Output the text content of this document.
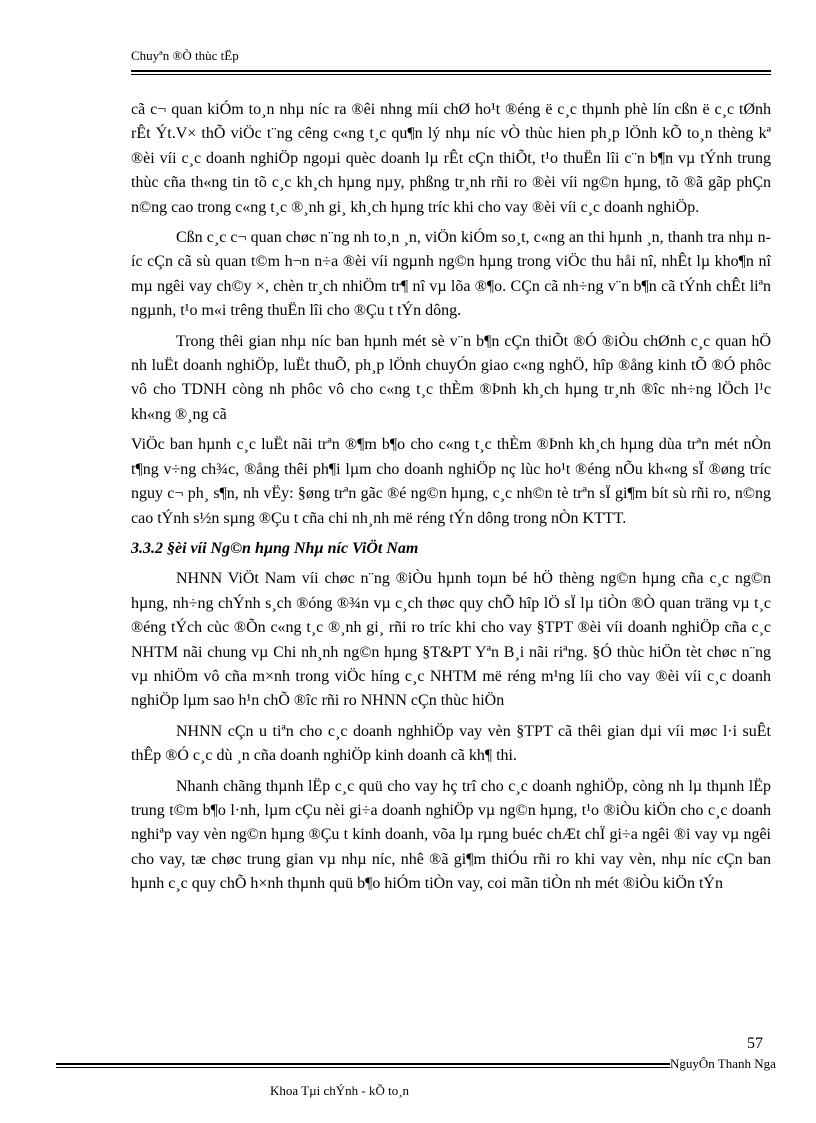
Chuyªn ®Ò thùc tËp

cã c¬ quan kiÓm to¸n nhµ níc ra ®êi nhng míi chØ ho¹t ®éng ë c¸c thµnh phè lín cßn ë c¸c tØnh rÊt Ýt.V× thÕ viÖc t¨ng cêng c«ng t¸c qu¶n lý nhµ níc vÒ thùc hien ph¸p lÖnh kÕ to¸n thèng kª ®èi víi c¸c doanh nghiÖp ngoµi quèc doanh lµ rÊt cÇn thiÕt, t¹o thuËn lîi c¨n b¶n vµ tÝnh trung thùc cña th«ng tin tõ c¸c kh¸ch hµng nµy, phßng tr¸nh rñi ro ®èi víi ng©n hµng, tõ ®ã gãp phÇn n©ng cao trong c«ng t¸c ®¸nh gi¸ kh¸ch hµng tríc khi cho vay ®èi víi c¸c doanh nghiÖp.

Cßn c¸c c¬ quan chøc n¨ng nh to¸n ¸n, viÖn kiÓm so¸t, c«ng an thi hµnh ¸n, thanh tra nhµ níc cÇn cã sù quan t©m h¬n n÷a ®èi víi ngµnh ng©n hµng trong viÖc thu håi nî, nhÊt lµ kho¶n nî mµ ngêi vay ch©y ×, chèn tr¸ch nhiÖm tr¶ nî vµ lõa ®¶o. CÇn cã nh÷ng v¨n b¶n cã tÝnh chÊt liªn ngµnh, t¹o m«i trêng thuËn lîi cho ®Çu t tÝn dông.

Trong thêi gian nhµ níc ban hµnh mét sè v¨n b¶n cÇn thiÕt ®Ó ®iÒu chØnh c¸c quan hÖ nh luËt doanh nghiÖp, luËt thuÕ, ph¸p lÖnh chuyÓn giao c«ng nghÖ, hîp ®ång kinh tÕ ®Ó phôc vô cho TDNH còng nh phôc vô cho c«ng t¸c thÈm ®Þnh kh¸ch hµng tr¸nh ®îc nh÷ng lÖch l¹c kh«ng ®¸ng cã

ViÖc ban hµnh c¸c luËt nãi trªn ®¶m b¶o cho c«ng t¸c thÈm ®Þnh kh¸ch hµng dùa trªn mét nÒn t¶ng v÷ng ch¾c, ®ång thêi ph¶i lµm cho doanh nghiÖp nç lùc ho¹t ®éng nÕu kh«ng sÏ ®øng tríc nguy c¬ ph¸ s¶n, nh vËy: §øng trªn gãc ®é ng©n hµng, c¸c nh©n tè trªn sÏ gi¶m bít sù rñi ro, n©ng cao tÝnh s½n sµng ®Çu t cña chi nh¸nh më réng tÝn dông trong nÒn KTTT.

3.3.2 §èi víi Ng©n hµng Nhµ níc ViÖt Nam

NHNN ViÖt Nam víi chøc n¨ng ®iÒu hµnh toµn bé hÖ thèng ng©n hµng cña c¸c ng©n hµng, nh÷ng chÝnh s¸ch ®óng ®¾n vµ c¸ch thøc quy chÕ hîp lÖ sÏ lµ tiÒn ®Ò quan träng vµ t¸c ®éng tÝch cùc ®Õn c«ng t¸c ®¸nh gi¸ rñi ro tríc khi cho vay §TPT ®èi víi doanh nghiÖp cña c¸c NHTM nãi chung vµ Chi nh¸nh ng©n hµng §T&PT Yªn B¸i nãi riªng. §Ó thùc hiÖn tèt chøc n¨ng vµ nhiÖm vô cña m×nh trong viÖc híng c¸c NHTM më réng m¹ng líi cho vay ®èi víi c¸c doanh nghiÖp lµm sao h¹n chÕ ®îc rñi ro NHNN cÇn thùc hiÖn

NHNN cÇn u tiªn cho c¸c doanh nghhiÖp vay vèn §TPT cã thêi gian dµi víi møc l·i suÊt thÊp ®Ó c¸c dù ¸n cña doanh nghiÖp kinh doanh cã kh¶ thi.

Nhanh chãng thµnh lËp c¸c quü cho vay hç trî cho c¸c doanh nghiÖp, còng nh lµ thµnh lËp trung t©m b¶o l·nh, lµm cÇu nèi gi÷a doanh nghiÖp vµ ng©n hµng, t¹o ®iÒu kiÖn cho c¸c doanh nghiªp vay vèn ng©n hµng ®Çu t kinh doanh, võa lµ rµng buéc chÆt chÏ gi÷a ngêi ®i vay vµ ngêi cho vay, tæ chøc trung gian vµ nhµ níc, nhê ®ã gi¶m thiÓu rñi ro khi vay vèn, nhµ níc cÇn ban hµnh c¸c quy chÕ h×nh thµnh quü b¶o hiÓm tiÒn vay, coi mãn tiÒn nh mét ®iÒu kiÖn tÝn

57
NguyÔn Thanh Nga
Khoa Tµi chÝnh - kÕ to¸n
